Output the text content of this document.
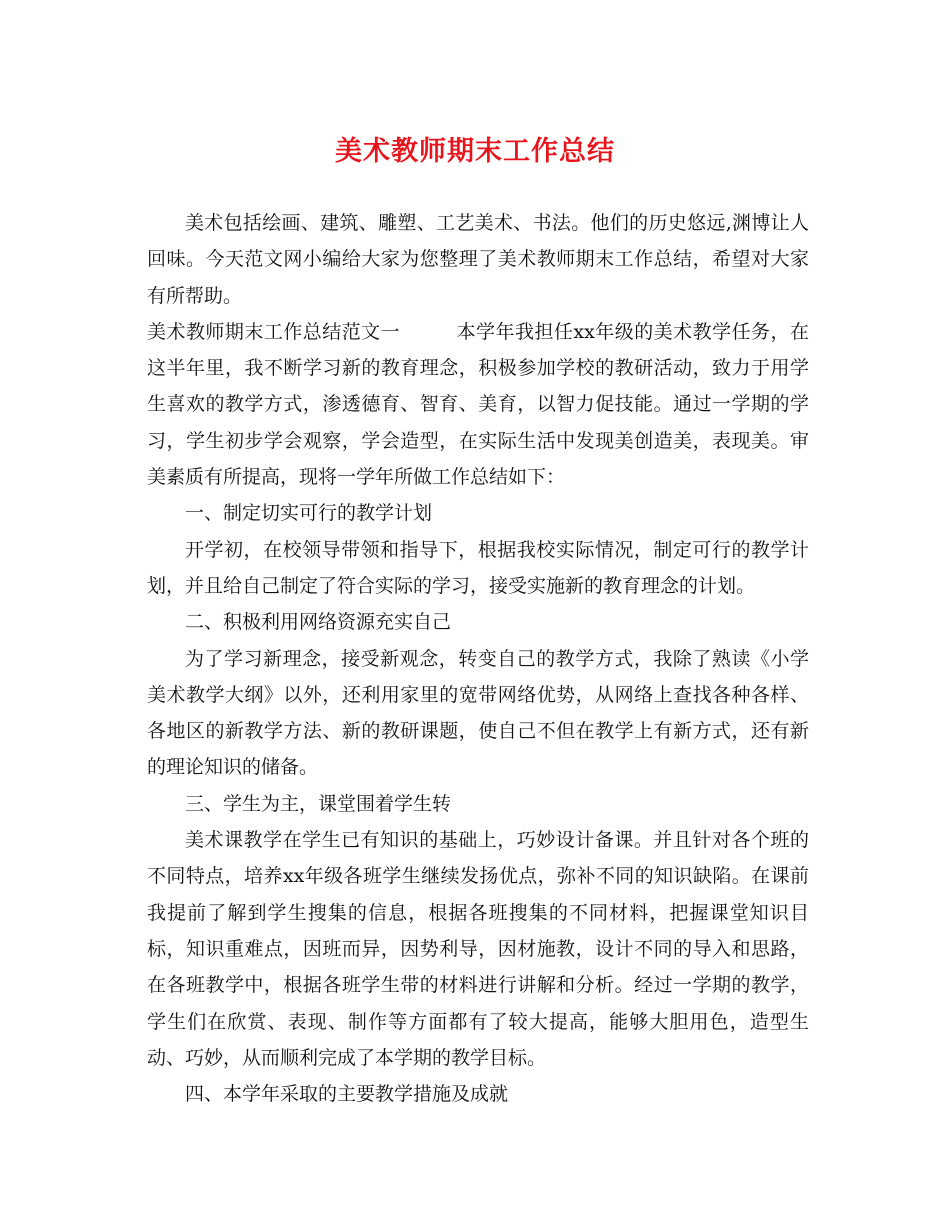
美术教师期末工作总结

美术包括绘画、建筑、雕塑、工艺美术、书法。他们的历史悠远,渊博让人回味。今天范文网小编给大家为您整理了美术教师期末工作总结，希望对大家有所帮助。

美术教师期末工作总结范文一	本学年我担任xx年级的美术教学任务，在这半年里，我不断学习新的教育理念，积极参加学校的教研活动，致力于用学生喜欢的教学方式，渗透德育、智育、美育，以智力促技能。通过一学期的学习，学生初步学会观察，学会造型，在实际生活中发现美创造美，表现美。审美素质有所提高，现将一学年所做工作总结如下：

一、制定切实可行的教学计划

开学初，在校领导带领和指导下，根据我校实际情况，制定可行的教学计划，并且给自己制定了符合实际的学习，接受实施新的教育理念的计划。

二、积极利用网络资源充实自己

为了学习新理念，接受新观念，转变自己的教学方式，我除了熟读《小学美术教学大纲》以外，还利用家里的宽带网络优势，从网络上查找各种各样、各地区的新教学方法、新的教研课题，使自己不但在教学上有新方式，还有新的理论知识的储备。

三、学生为主，课堂围着学生转

美术课教学在学生已有知识的基础上，巧妙设计备课。并且针对各个班的不同特点，培养xx年级各班学生继续发扬优点，弥补不同的知识缺陷。在课前我提前了解到学生搜集的信息，根据各班搜集的不同材料，把握课堂知识目标，知识重难点，因班而异，因势利导，因材施教，设计不同的导入和思路，在各班教学中，根据各班学生带的材料进行讲解和分析。经过一学期的教学，学生们在欣赏、表现、制作等方面都有了较大提高，能够大胆用色，造型生动、巧妙，从而顺利完成了本学期的教学目标。

四、本学年采取的主要教学措施及成就
